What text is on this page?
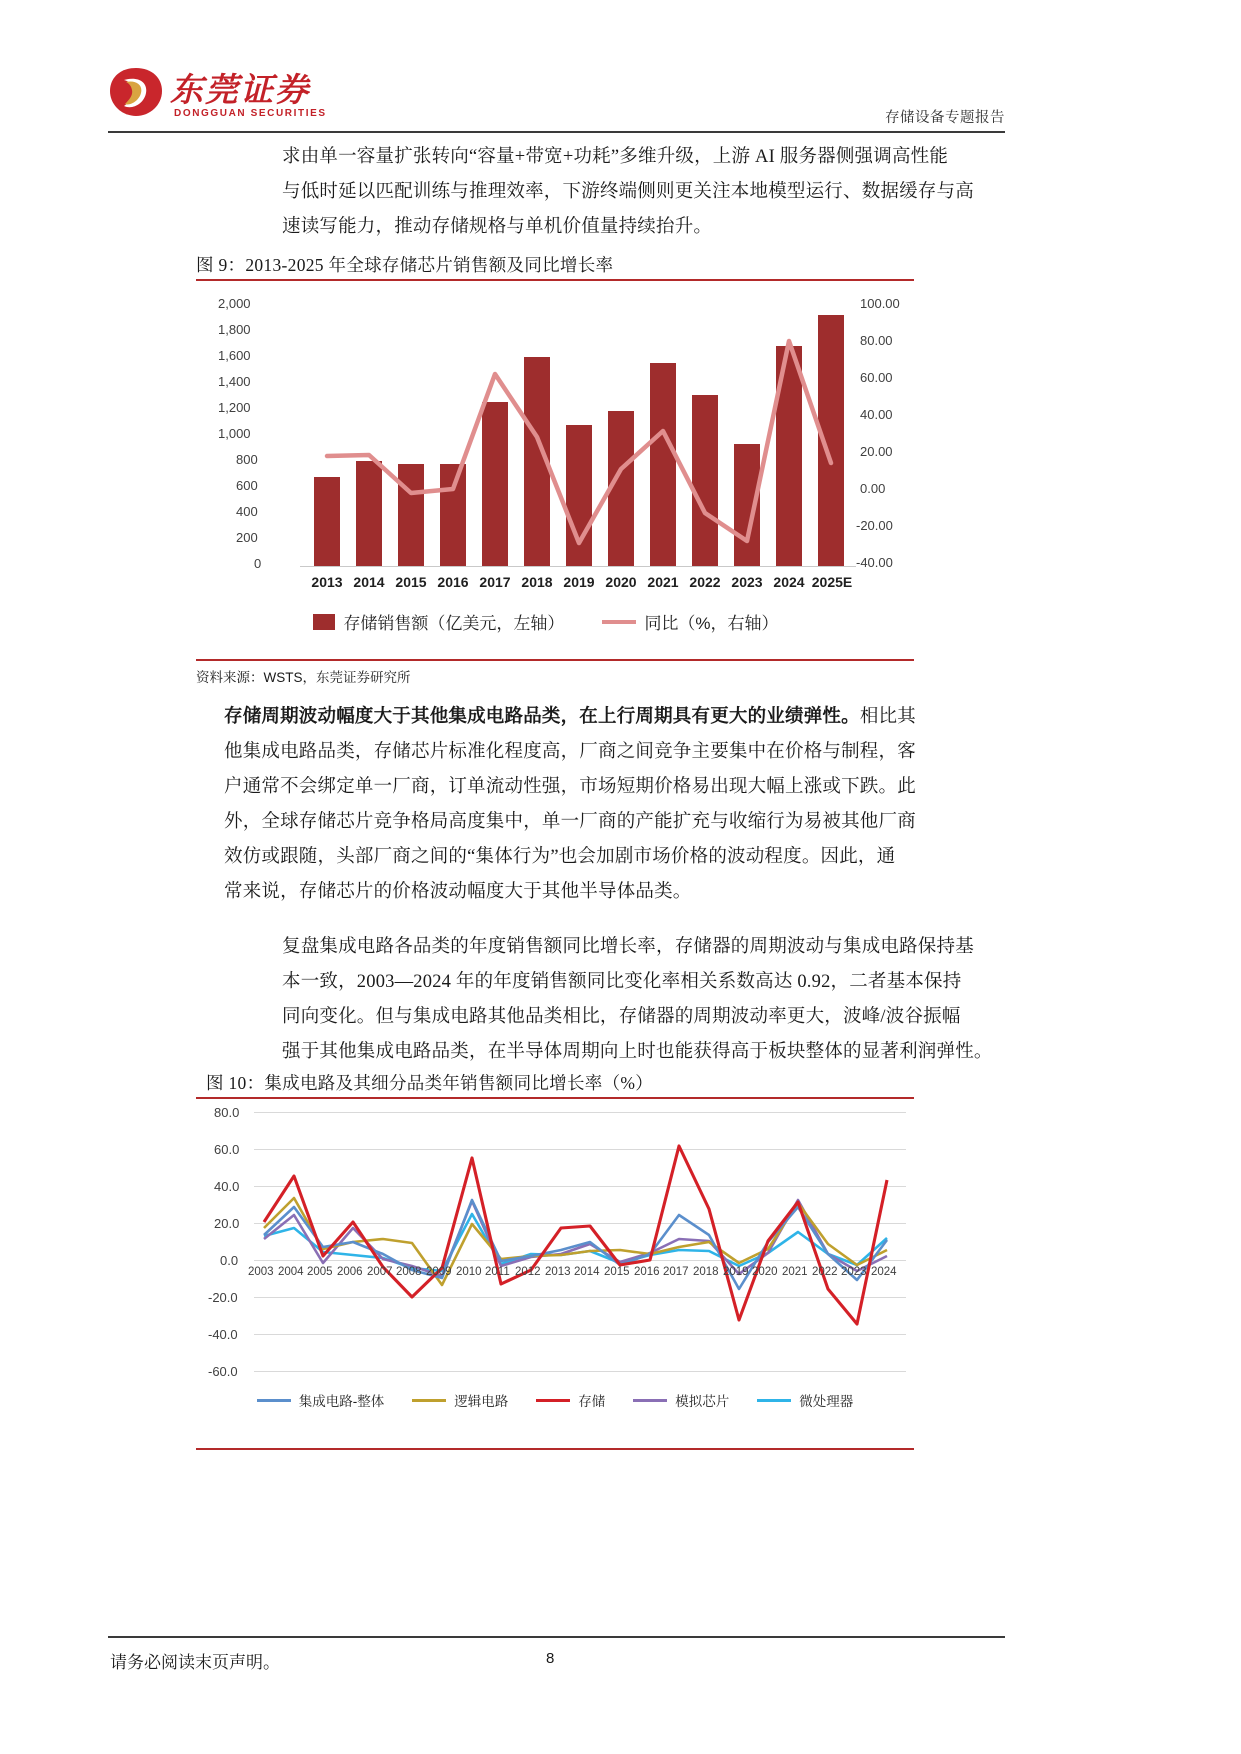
东莞证券
DONGGUAN SECURITIES	存储设备专题报告

求由单一容量扩张转向“容量+带宽+功耗”多维升级，上游 AI 服务器侧强调高性能

与低时延以匹配训练与推理效率，下游终端侧则更关注本地模型运行、数据缓存与高

速读写能力，推动存储规格与单机价值量持续抬升。

图 9：2013-2025 年全球存储芯片销售额及同比增长率
2,000
1,800
1,600
1,400
1,200
1,000
800
600
400
200
0
100.00
80.00
60.00
40.00
20.00
0.00
-20.00
-40.00
2013 2014 2015 2016 2017 2018 2019 2020 2021 2022 2023 2024 2025E
存储销售额（亿美元，左轴）	同比（%，右轴）
资料来源：WSTS，东莞证券研究所

存储周期波动幅度大于其他集成电路品类，在上行周期具有更大的业绩弹性。相比其

他集成电路品类，存储芯片标准化程度高，厂商之间竞争主要集中在价格与制程，客

户通常不会绑定单一厂商，订单流动性强，市场短期价格易出现大幅上涨或下跌。此

外，全球存储芯片竞争格局高度集中，单一厂商的产能扩充与收缩行为易被其他厂商

效仿或跟随，头部厂商之间的“集体行为”也会加剧市场价格的波动程度。因此，通

常来说，存储芯片的价格波动幅度大于其他半导体品类。

复盘集成电路各品类的年度销售额同比增长率，存储器的周期波动与集成电路保持基

本一致，2003—2024 年的年度销售额同比变化率相关系数高达 0.92，二者基本保持

同向变化。但与集成电路其他品类相比，存储器的周期波动率更大，波峰/波谷振幅

强于其他集成电路品类，在半导体周期向上时也能获得高于板块整体的显著利润弹性。

图 10：集成电路及其细分品类年销售额同比增长率（%）
80.0
60.0
40.0
20.0
0.0
-20.0
-40.0
-60.0
2003 2004 2005 2006 2007 2008 2009 2010 2011 2012 2013 2014 2015 2016 2017 2018 2019 2020 2021 2022 2023 2024
集成电路-整体	逻辑电路	存储	模拟芯片	微处理器
请务必阅读末页声明。	8
